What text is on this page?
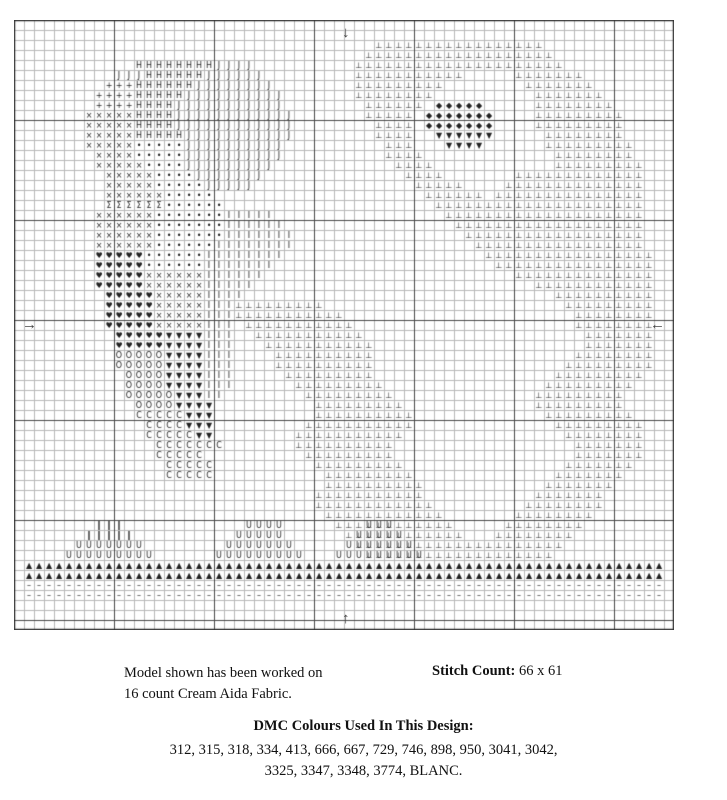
↓
↑
→	←
Model shown has been worked on
16 count Cream Aida Fabric.
Stitch Count: 66 x 61
DMC Colours Used In This Design:
312, 315, 318, 334, 413, 666, 667, 729, 746, 898, 950, 3041, 3042,
3325, 3347, 3348, 3774, BLANC.
